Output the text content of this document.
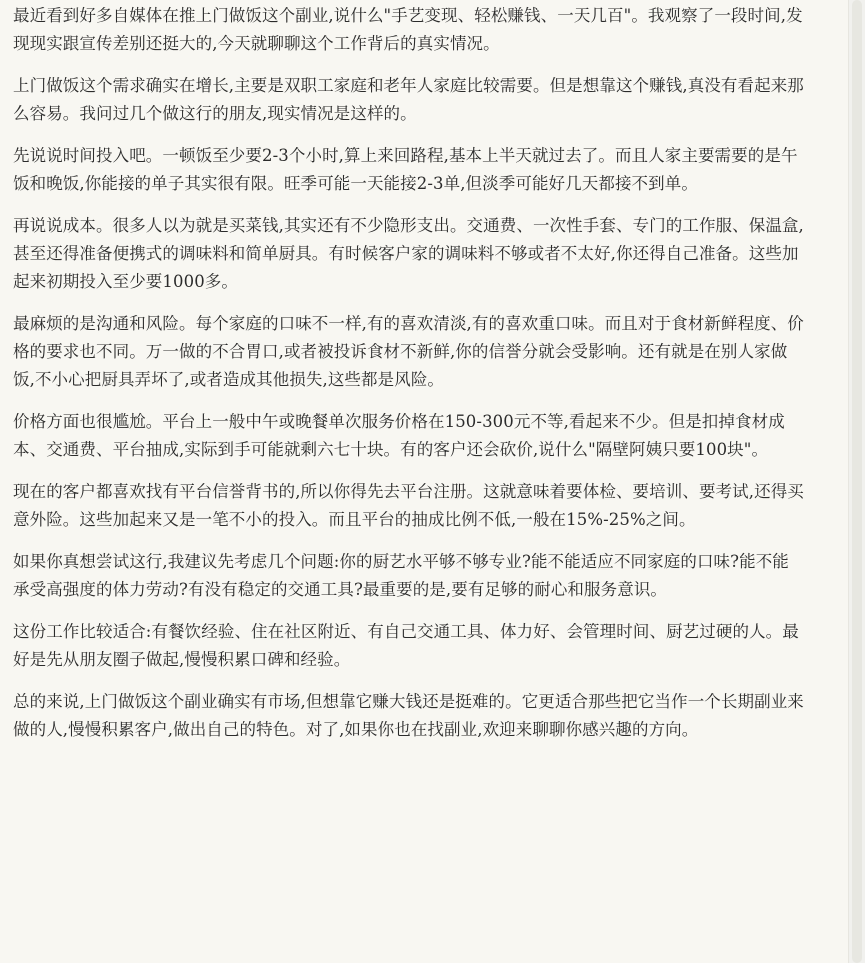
最近看到好多自媒体在推上门做饭这个副业,说什么"手艺变现、轻松赚钱、一天几百"。我观察了一段时间,发现现实跟宣传差别还挺大的,今天就聊聊这个工作背后的真实情况。

上门做饭这个需求确实在增长,主要是双职工家庭和老年人家庭比较需要。但是想靠这个赚钱,真没有看起来那么容易。我问过几个做这行的朋友,现实情况是这样的。

先说说时间投入吧。一顿饭至少要2-3个小时,算上来回路程,基本上半天就过去了。而且人家主要需要的是午饭和晚饭,你能接的单子其实很有限。旺季可能一天能接2-3单,但淡季可能好几天都接不到单。

再说说成本。很多人以为就是买菜钱,其实还有不少隐形支出。交通费、一次性手套、专门的工作服、保温盒,甚至还得准备便携式的调味料和简单厨具。有时候客户家的调味料不够或者不太好,你还得自己准备。这些加起来初期投入至少要1000多。

最麻烦的是沟通和风险。每个家庭的口味不一样,有的喜欢清淡,有的喜欢重口味。而且对于食材新鲜程度、价格的要求也不同。万一做的不合胃口,或者被投诉食材不新鲜,你的信誉分就会受影响。还有就是在别人家做饭,不小心把厨具弄坏了,或者造成其他损失,这些都是风险。

价格方面也很尴尬。平台上一般中午或晚餐单次服务价格在150-300元不等,看起来不少。但是扣掉食材成本、交通费、平台抽成,实际到手可能就剩六七十块。有的客户还会砍价,说什么"隔壁阿姨只要100块"。

现在的客户都喜欢找有平台信誉背书的,所以你得先去平台注册。这就意味着要体检、要培训、要考试,还得买意外险。这些加起来又是一笔不小的投入。而且平台的抽成比例不低,一般在15%-25%之间。

如果你真想尝试这行,我建议先考虑几个问题:你的厨艺水平够不够专业?能不能适应不同家庭的口味?能不能承受高强度的体力劳动?有没有稳定的交通工具?最重要的是,要有足够的耐心和服务意识。

这份工作比较适合:有餐饮经验、住在社区附近、有自己交通工具、体力好、会管理时间、厨艺过硬的人。最好是先从朋友圈子做起,慢慢积累口碑和经验。

总的来说,上门做饭这个副业确实有市场,但想靠它赚大钱还是挺难的。它更适合那些把它当作一个长期副业来做的人,慢慢积累客户,做出自己的特色。对了,如果你也在找副业,欢迎来聊聊你感兴趣的方向。
